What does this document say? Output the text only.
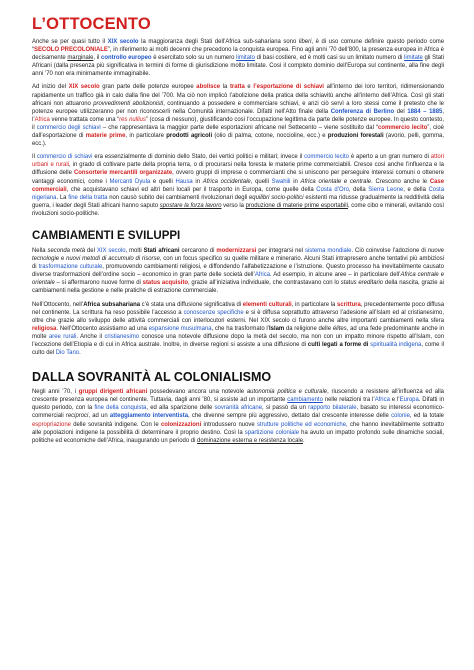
L’OTTOCENTO

Anche se per quasi tutto il XIX secolo la maggioranza degli Stati dell’Africa sub-sahariana sono liberi, è di uso comune definire questo periodo come “SECOLO PRECOLONIALE”, in riferimento ai molti decenni che precedono la conquista europea. Fino agli anni ’70 dell’800, la presenza europea in Africa è decisamente marginale, il controllo europeo è esercitato solo su un numero limitato di basi costiere, ed è molti casi su un limitato numero di limitate gli Stati Africani (dalla presenza più significativa in termini di forme di giurisdizione molto limitate. Così il completo dominio dell’Europa sul continente, alla fine degli anni ’70 non era minimamente immaginabile.

Ad inizio del XIX secolo gran parte delle potenze europee abolisce la tratta e l’esportazione di schiavi all’interno dei loro territori, ridimensionando rapidamente un traffico già in calo dalla fine del ’700. Ma ciò non implicò l’abolizione della pratica della schiavitù anche all’interno dell’Africa. Così gli stati africani non attuarono provvedimenti abolizionisti, continuando a possedere e commerciare schiavi, e anzi ciò servì a loro stessi come il pretesto che le potenze europee utilizzeranno per non riconoscerli nella Comunità internazionale. Difatti nell’Atto finale della Conferenza di Berlino del 1884 – 1885, l’Africa venne trattata come una “res nullius” (cosa di nessuno), giustificando così l’occupazione legittima da parte delle potenze europee. In questo contesto, il commercio degli schiavi – che rappresentava la maggior parte delle esportazioni africane nel Settecento – viene sostituito dal “commercio lecito”, cioè dall’esportazione di materie prime, in particolare prodotti agricoli (olio di palma, cotone, noccioline, ecc.) e produzioni forestali (avorio, pelli, gomma, ecc.).

Il commercio di schiavi era essenzialmente di dominio dello Stato, dei vertici politici e militari; invece il commercio lecito è aperto a un gran numero di attori urbani e rurali, in grado di coltivare parte della propria terra, o di procurarsi nella foresta le materie prime commerciabili. Cresce così anche l’influenza e la diffusione delle Consorterie mercantili organizzate, ovvero gruppi di imprese o commercianti che si uniscono per perseguire interessi comuni o ottenere vantaggi economici, come i Mercanti Dyula e quelli Hausa in Africa occidentale, quelli Swahili in Africa orientale e centrale. Crescono anche le Case commerciali, che acquistavano schiavi ed altri beni locali per il trasporto in Europa, come quelle della Costa d’Oro, della Sierra Leone, e della Costa nigeriana. La fine della tratta non causò subito dei cambiamenti rivoluzionari degli equilibri socio-politici esistenti ma ridusse gradualmente la redditività della guerra, i leader degli Stati africani hanno saputo spostare la forza lavoro verso la produzione di materie prime esportabili, come cibo e minerali, evitando così rivoluzioni socio-politiche.

CAMBIAMENTI E SVILUPPI

Nella seconda metà del XIX secolo, molti Stati africani cercarono di modernizzarsi per integrarsi nel sistema mondiale. Ciò coinvolse l’adozione di nuove tecnologie e nuovi metodi di accumulo di risorse, con un focus specifico su quelle militare e minerario. Alcuni Stati intrapresero anche tentativi più ambiziosi di trasformazione culturale, promuovendo cambiamenti religiosi, e diffondendo l’alfabetizzazione e l’istruzione. Questo processo ha inevitabilmente causato diverse trasformazioni dell’ordine socio – economico in gran parte delle società dell’Africa. Ad esempio, in alcune aree – in particolare dell’Africa centrale e orientale – si affermarono nuove forme di status acquisito, grazie all’iniziativa individuale, che contrastavano con lo status ereditario della nascita, grazie ai cambiamenti nella gestione e nelle pratiche di estrazione commerciale.

Nell’Ottocento, nell’Africa subsahariana c’è stata una diffusione significativa di elementi culturali, in particolare la scrittura, precedentemente poco diffusa nel continente. La scrittura ha reso possibile l’accesso a conoscenze specifiche e si è diffusa soprattutto attraverso l’adesione all’Islam ed al cristianesimo, oltre che grazie allo sviluppo delle attività commerciali con interlocutori esterni. Nel XIX secolo ci furono anche altre importanti cambiamenti nella sfera religiosa. Nell’Ottocento assistiamo ad una espansione musulmana, che ha trasformato l’Islam da religione delle élites, ad una fede predominante anche in molte aree rurali. Anche il cristianesimo conosce una notevole diffusione dopo la metà del secolo, ma non con un impatto minore rispetto all’Islam, con l’eccezione dell’Etiopia e di cui in Africa australe. Inoltre, in diverse regioni si assiste a una diffusione di culti legati a forme di spiritualità indigena, come il culto del Dio Tano.

DALLA SOVRANITÀ AL COLONIALISMO

Negli anni ’70, i gruppi dirigenti africani possedevano ancora una notevole autonomia politica e culturale, riuscendo a resistere all’influenza ed alla crescente presenza europea nel continente. Tuttavia, dagli anni ’80, si assiste ad un importante cambiamento nelle relazioni tra l’Africa e l’Europa. Difatti in questo periodo, con la fine della conquista, ed alla sparizione delle sovranità africane, si passò da un rapporto bilaterale, basato su interessi economico-commerciali reciproci, ad un atteggiamento interventista, che divenne sempre più aggressivo, dettato dal crescente interesse delle colonie, ed la totale espropriazione delle sovranità indigene. Con le colonizzazioni introdussero nuove strutture politiche ed economiche, che hanno inevitabilmente sottratto alle popolazioni indigene la possibilità di determinare il proprio destino. Così la spartizione coloniale ha avuto un impatto profondo sulle dinamiche sociali, politiche ed economiche dell’Africa, inaugurando un periodo di dominazione esterna e resistenza locale.
